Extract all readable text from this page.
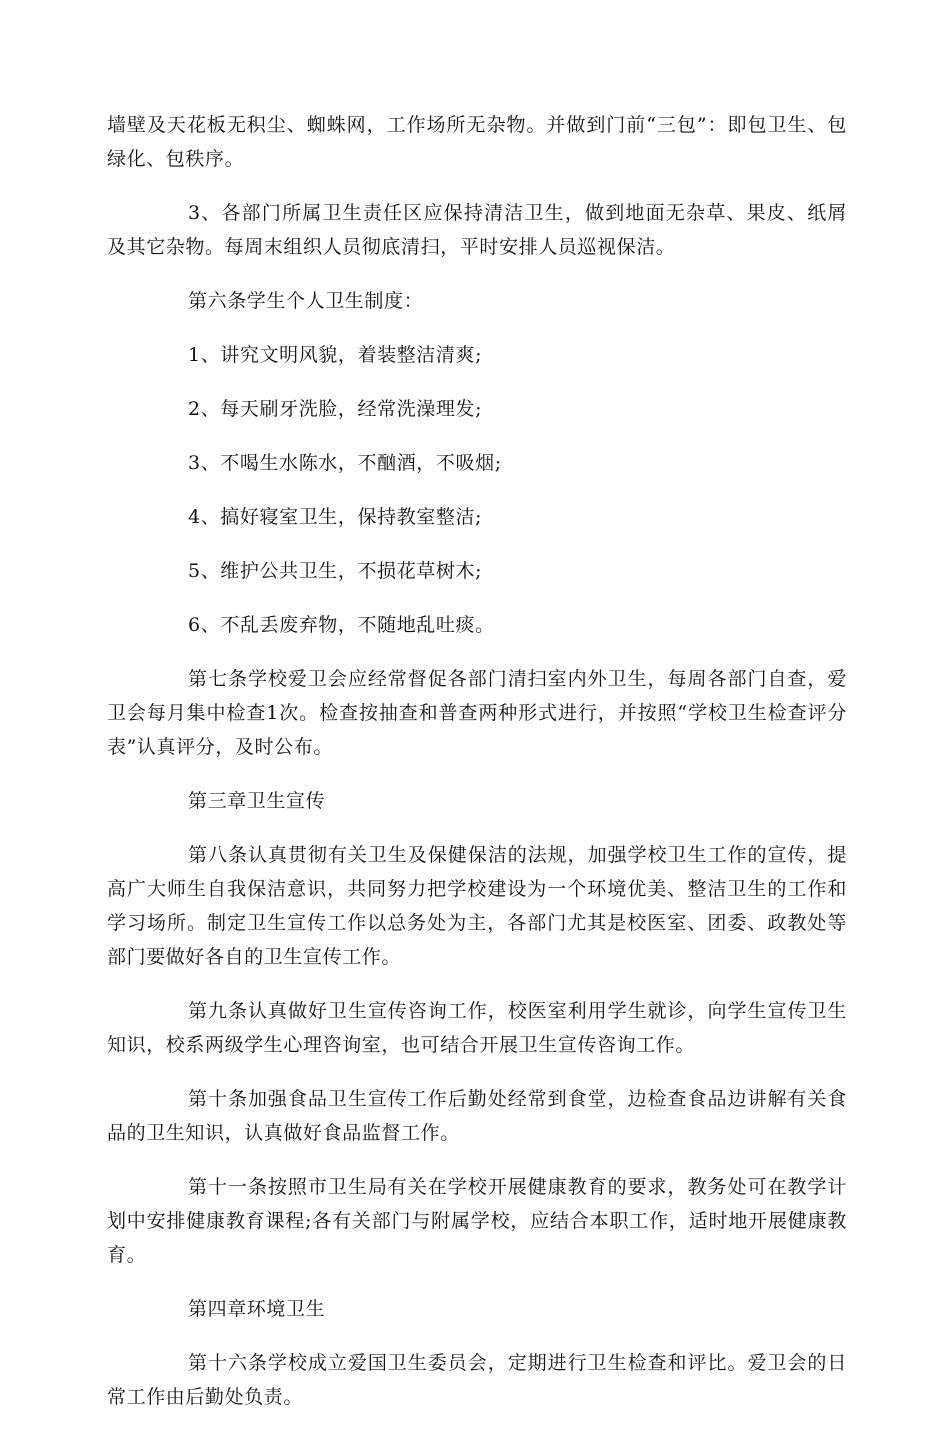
墙壁及天花板无积尘、蜘蛛网，工作场所无杂物。并做到门前“三包”：即包卫生、包绿化、包秩序。

3、各部门所属卫生责任区应保持清洁卫生，做到地面无杂草、果皮、纸屑及其它杂物。每周末组织人员彻底清扫，平时安排人员巡视保洁。

第六条学生个人卫生制度：

1、讲究文明风貌，着装整洁清爽;

2、每天刷牙洗脸，经常洗澡理发;

3、不喝生水陈水，不酗酒，不吸烟;

4、搞好寝室卫生，保持教室整洁;

5、维护公共卫生，不损花草树木;

6、不乱丢废弃物，不随地乱吐痰。

第七条学校爱卫会应经常督促各部门清扫室内外卫生，每周各部门自查，爱卫会每月集中检查1次。检查按抽查和普查两种形式进行，并按照“学校卫生检查评分表”认真评分，及时公布。

第三章卫生宣传

第八条认真贯彻有关卫生及保健保洁的法规，加强学校卫生工作的宣传，提高广大师生自我保洁意识，共同努力把学校建设为一个环境优美、整洁卫生的工作和学习场所。制定卫生宣传工作以总务处为主，各部门尤其是校医室、团委、政教处等部门要做好各自的卫生宣传工作。

第九条认真做好卫生宣传咨询工作，校医室利用学生就诊，向学生宣传卫生知识，校系两级学生心理咨询室，也可结合开展卫生宣传咨询工作。

第十条加强食品卫生宣传工作后勤处经常到食堂，边检查食品边讲解有关食品的卫生知识，认真做好食品监督工作。

第十一条按照市卫生局有关在学校开展健康教育的要求，教务处可在教学计划中安排健康教育课程;各有关部门与附属学校，应结合本职工作，适时地开展健康教育。

第四章环境卫生

第十六条学校成立爱国卫生委员会，定期进行卫生检查和评比。爱卫会的日常工作由后勤处负责。
